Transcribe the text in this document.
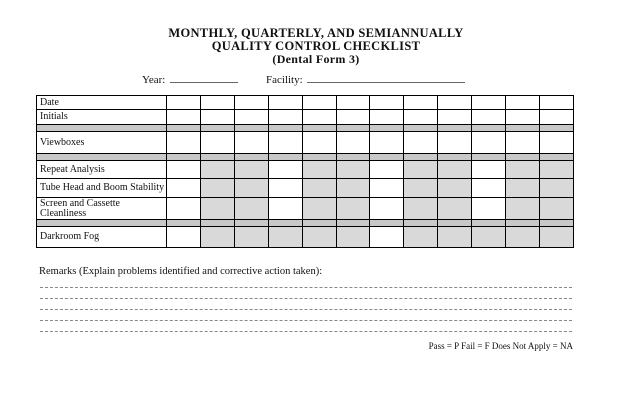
MONTHLY, QUARTERLY, AND SEMIANNUALLY
QUALITY CONTROL CHECKLIST
(Dental Form 3)
Year:	Facility:
Date												
Initials												

Viewboxes												

Repeat Analysis												
Tube Head and Boom Stability												
Screen and Cassette Cleanliness												

Darkroom Fog												
Remarks (Explain problems identified and corrective action taken):
Pass = P Fail = F Does Not Apply = NA
